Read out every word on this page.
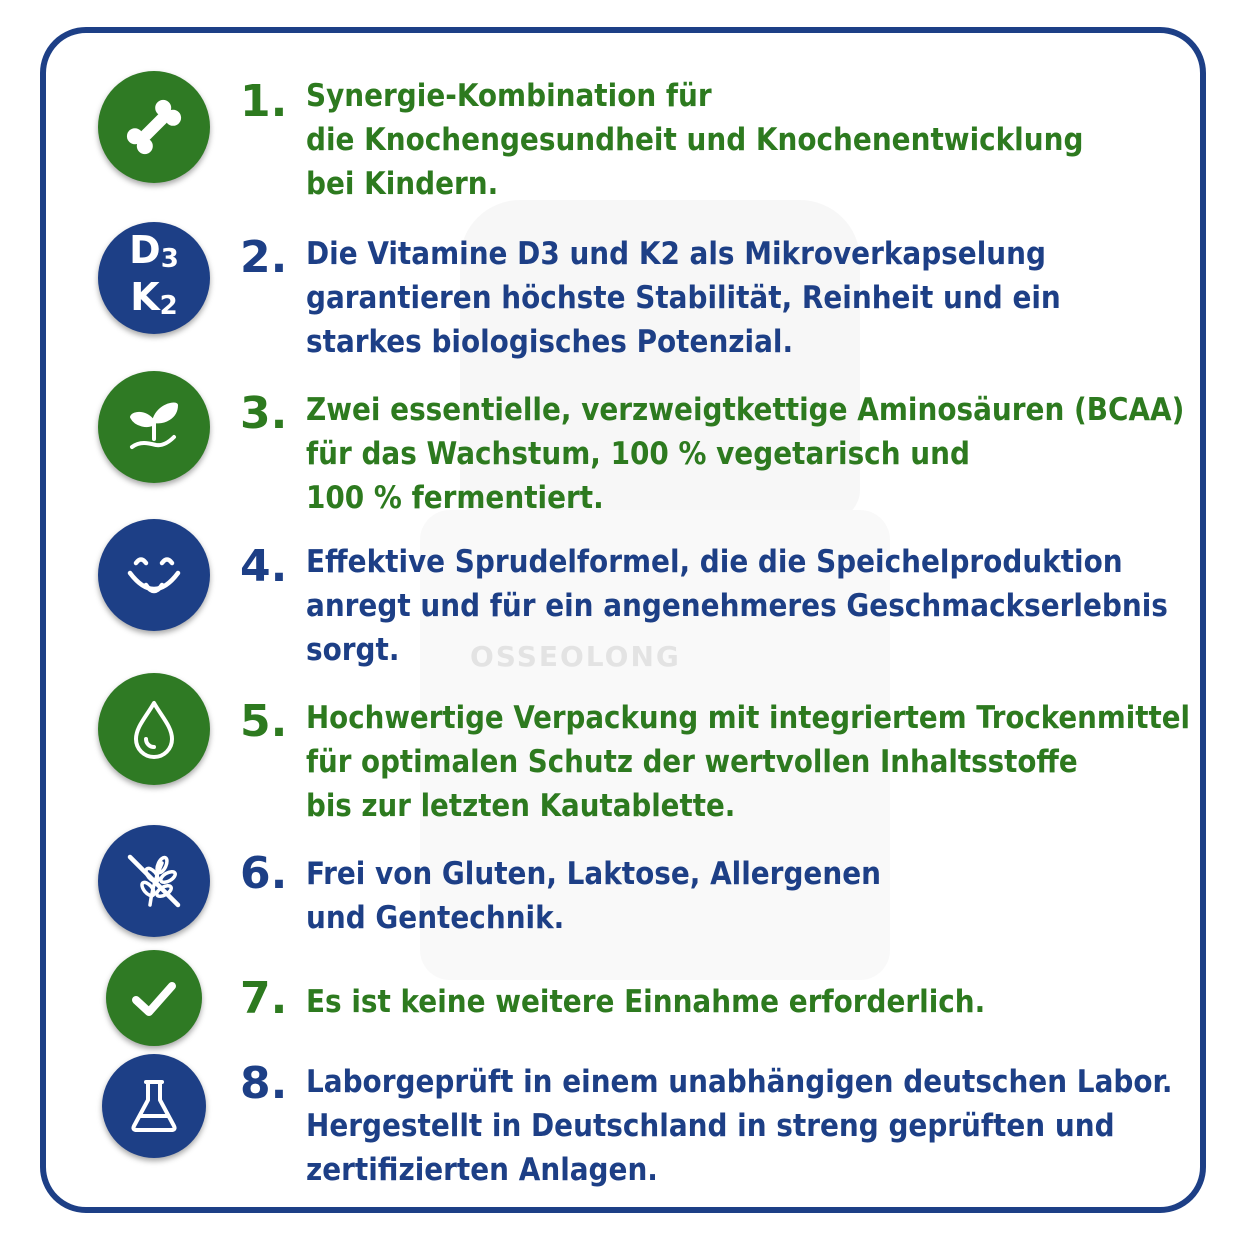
OSSEOLONG
1. Synergie-Kombination für
die Knochengesundheit und Knochenentwicklung
bei Kindern.
$D_3$
$K_2$
2. Die Vitamine D3 und K2 als Mikroverkapselung
garantieren höchste Stabilität, Reinheit und ein
starkes biologisches Potenzial.
3. Zwei essentielle, verzweigtkettige Aminosäuren (BCAA)
für das Wachstum, 100 % vegetarisch und
100 % fermentiert.
4. Effektive Sprudelformel, die die Speichelproduktion
anregt und für ein angenehmeres Geschmackserlebnis
sorgt.
5. Hochwertige Verpackung mit integriertem Trockenmittel
für optimalen Schutz der wertvollen Inhaltsstoffe
bis zur letzten Kautablette.
6. Frei von Gluten, Laktose, Allergenen
und Gentechnik.
7. Es ist keine weitere Einnahme erforderlich.
8. Laborgeprüft in einem unabhängigen deutschen Labor.
Hergestellt in Deutschland in streng geprüften und
zertifizierten Anlagen.
